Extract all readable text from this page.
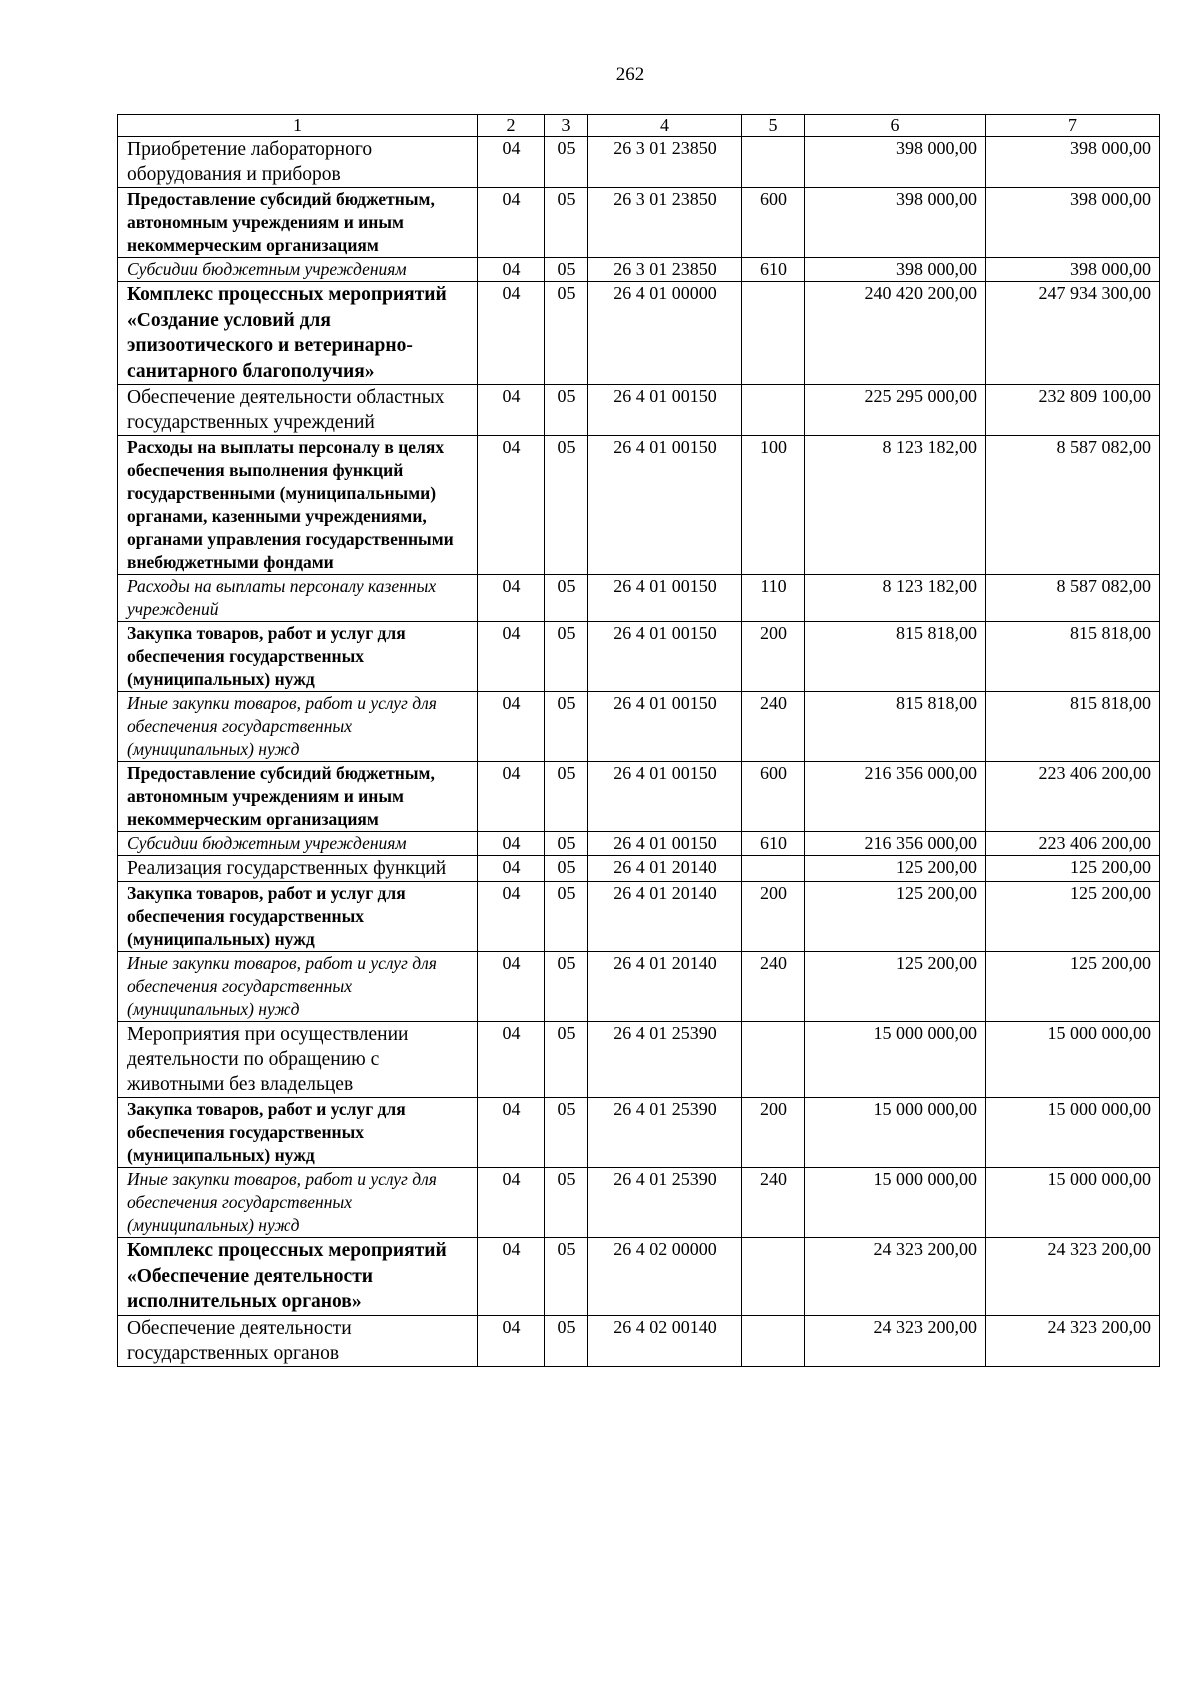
262
1	2	3	4	5	6	7
Приобретение лабораторного оборудования и приборов	04	05	26 3 01 23850		398 000,00	398 000,00
Предоставление субсидий бюджетным, автономным учреждениям и иным некоммерческим организациям	04	05	26 3 01 23850	600	398 000,00	398 000,00
Субсидии бюджетным учреждениям	04	05	26 3 01 23850	610	398 000,00	398 000,00
Комплекс процессных мероприятий «Создание условий для эпизоотического и ветеринарно-санитарного благополучия»	04	05	26 4 01 00000		240 420 200,00	247 934 300,00
Обеспечение деятельности областных государственных учреждений	04	05	26 4 01 00150		225 295 000,00	232 809 100,00
Расходы на выплаты персоналу в целях обеспечения выполнения функций государственными (муниципальными) органами, казенными учреждениями, органами управления государственными внебюджетными фондами	04	05	26 4 01 00150	100	8 123 182,00	8 587 082,00
Расходы на выплаты персоналу казенных учреждений	04	05	26 4 01 00150	110	8 123 182,00	8 587 082,00
Закупка товаров, работ и услуг для обеспечения государственных (муниципальных) нужд	04	05	26 4 01 00150	200	815 818,00	815 818,00
Иные закупки товаров, работ и услуг для обеспечения государственных (муниципальных) нужд	04	05	26 4 01 00150	240	815 818,00	815 818,00
Предоставление субсидий бюджетным, автономным учреждениям и иным некоммерческим организациям	04	05	26 4 01 00150	600	216 356 000,00	223 406 200,00
Субсидии бюджетным учреждениям	04	05	26 4 01 00150	610	216 356 000,00	223 406 200,00
Реализация государственных функций	04	05	26 4 01 20140		125 200,00	125 200,00
Закупка товаров, работ и услуг для обеспечения государственных (муниципальных) нужд	04	05	26 4 01 20140	200	125 200,00	125 200,00
Иные закупки товаров, работ и услуг для обеспечения государственных (муниципальных) нужд	04	05	26 4 01 20140	240	125 200,00	125 200,00
Мероприятия при осуществлении деятельности по обращению с животными без владельцев	04	05	26 4 01 25390		15 000 000,00	15 000 000,00
Закупка товаров, работ и услуг для обеспечения государственных (муниципальных) нужд	04	05	26 4 01 25390	200	15 000 000,00	15 000 000,00
Иные закупки товаров, работ и услуг для обеспечения государственных (муниципальных) нужд	04	05	26 4 01 25390	240	15 000 000,00	15 000 000,00
Комплекс процессных мероприятий «Обеспечение деятельности исполнительных органов»	04	05	26 4 02 00000		24 323 200,00	24 323 200,00
Обеспечение деятельности государственных органов	04	05	26 4 02 00140		24 323 200,00	24 323 200,00
